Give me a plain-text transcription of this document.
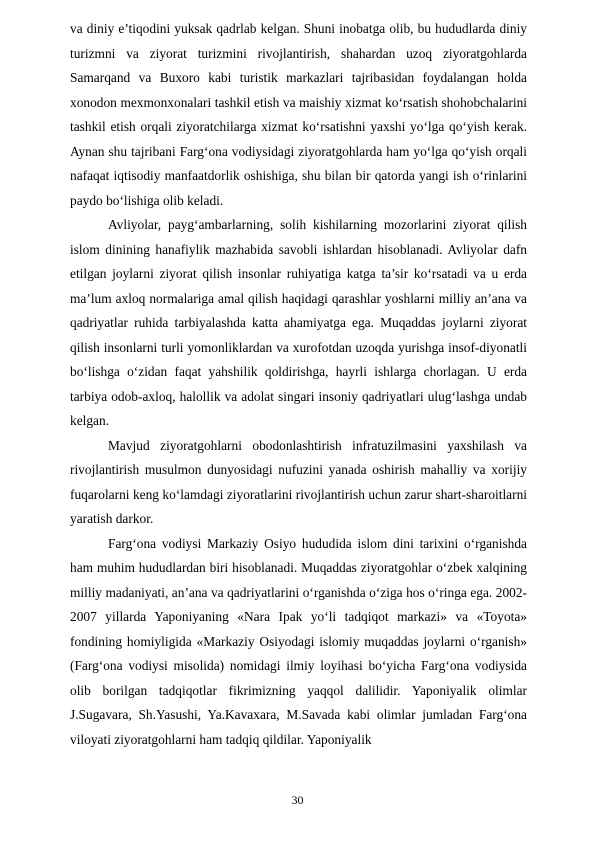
va diniy e’tiqodini yuksak qadrlab kelgan. Shuni inobatga olib, bu hududlarda diniy turizmni va ziyorat turizmini rivojlantirish, shahardan uzoq ziyoratgohlarda Samarqand va Buxoro kabi turistik markazlari tajribasidan foydalangan holda xonodon mexmonxonalari tashkil etish va maishiy xizmat ko‘rsatish shohobchalarini tashkil etish orqali ziyoratchilarga xizmat ko‘rsatishni yaxshi yo‘lga qo‘yish kerak. Aynan shu tajribani Farg‘ona vodiysidagi ziyoratgohlarda ham yo‘lga qo‘yish orqali nafaqat iqtisodiy manfaatdorlik oshishiga, shu bilan bir qatorda yangi ish o‘rinlarini paydo bo‘lishiga olib keladi.

Avliyolar, payg‘ambarlarning, solih kishilarning mozorlarini ziyorat qilish islom dinining hanafiylik mazhabida savobli ishlardan hisoblanadi. Avliyolar dafn etilgan joylarni ziyorat qilish insonlar ruhiyatiga katga ta’sir ko‘rsatadi va u erda ma’lum axloq normalariga amal qilish haqidagi qarashlar yoshlarni milliy an’ana va qadriyatlar ruhida tarbiyalashda katta ahamiyatga ega. Muqaddas joylarni ziyorat qilish insonlarni turli yomonliklardan va xurofotdan uzoqda yurishga insof-diyonatli bo‘lishga o‘zidan faqat yahshilik qoldirishga, hayrli ishlarga chorlagan. U erda tarbiya odob-axloq, halollik va adolat singari insoniy qadriyatlari ulug‘lashga undab kelgan.

Mavjud ziyoratgohlarni obodonlashtirish infratuzilmasini yaxshilash va rivojlantirish musulmon dunyosidagi nufuzini yanada oshirish mahalliy va xorijiy fuqarolarni keng ko‘lamdagi ziyoratlarini rivojlantirish uchun zarur shart-sharoitlarni yaratish darkor.

Farg‘ona vodiysi Markaziy Osiyo hududida islom dini tarixini o‘rganishda ham muhim hududlardan biri hisoblanadi. Muqaddas ziyoratgohlar o‘zbek xalqining milliy madaniyati, an’ana va qadriyatlarini o‘rganishda o‘ziga hos o‘ringa ega. 2002-2007 yillarda Yaponiyaning «Nara Ipak yo‘li tadqiqot markazi» va «Toyota» fondining homiyligida «Markaziy Osiyodagi islomiy muqaddas joylarni o‘rganish» (Farg‘ona vodiysi misolida) nomidagi ilmiy loyihasi bo‘yicha Farg‘ona vodiysida olib borilgan tadqiqotlar fikrimizning yaqqol dalilidir. Yaponiyalik olimlar J.Sugavara, Sh.Yasushi, Ya.Kavaxara, M.Savada kabi olimlar jumladan Farg‘ona viloyati ziyoratgohlarni ham tadqiq qildilar. Yaponiyalik

30
